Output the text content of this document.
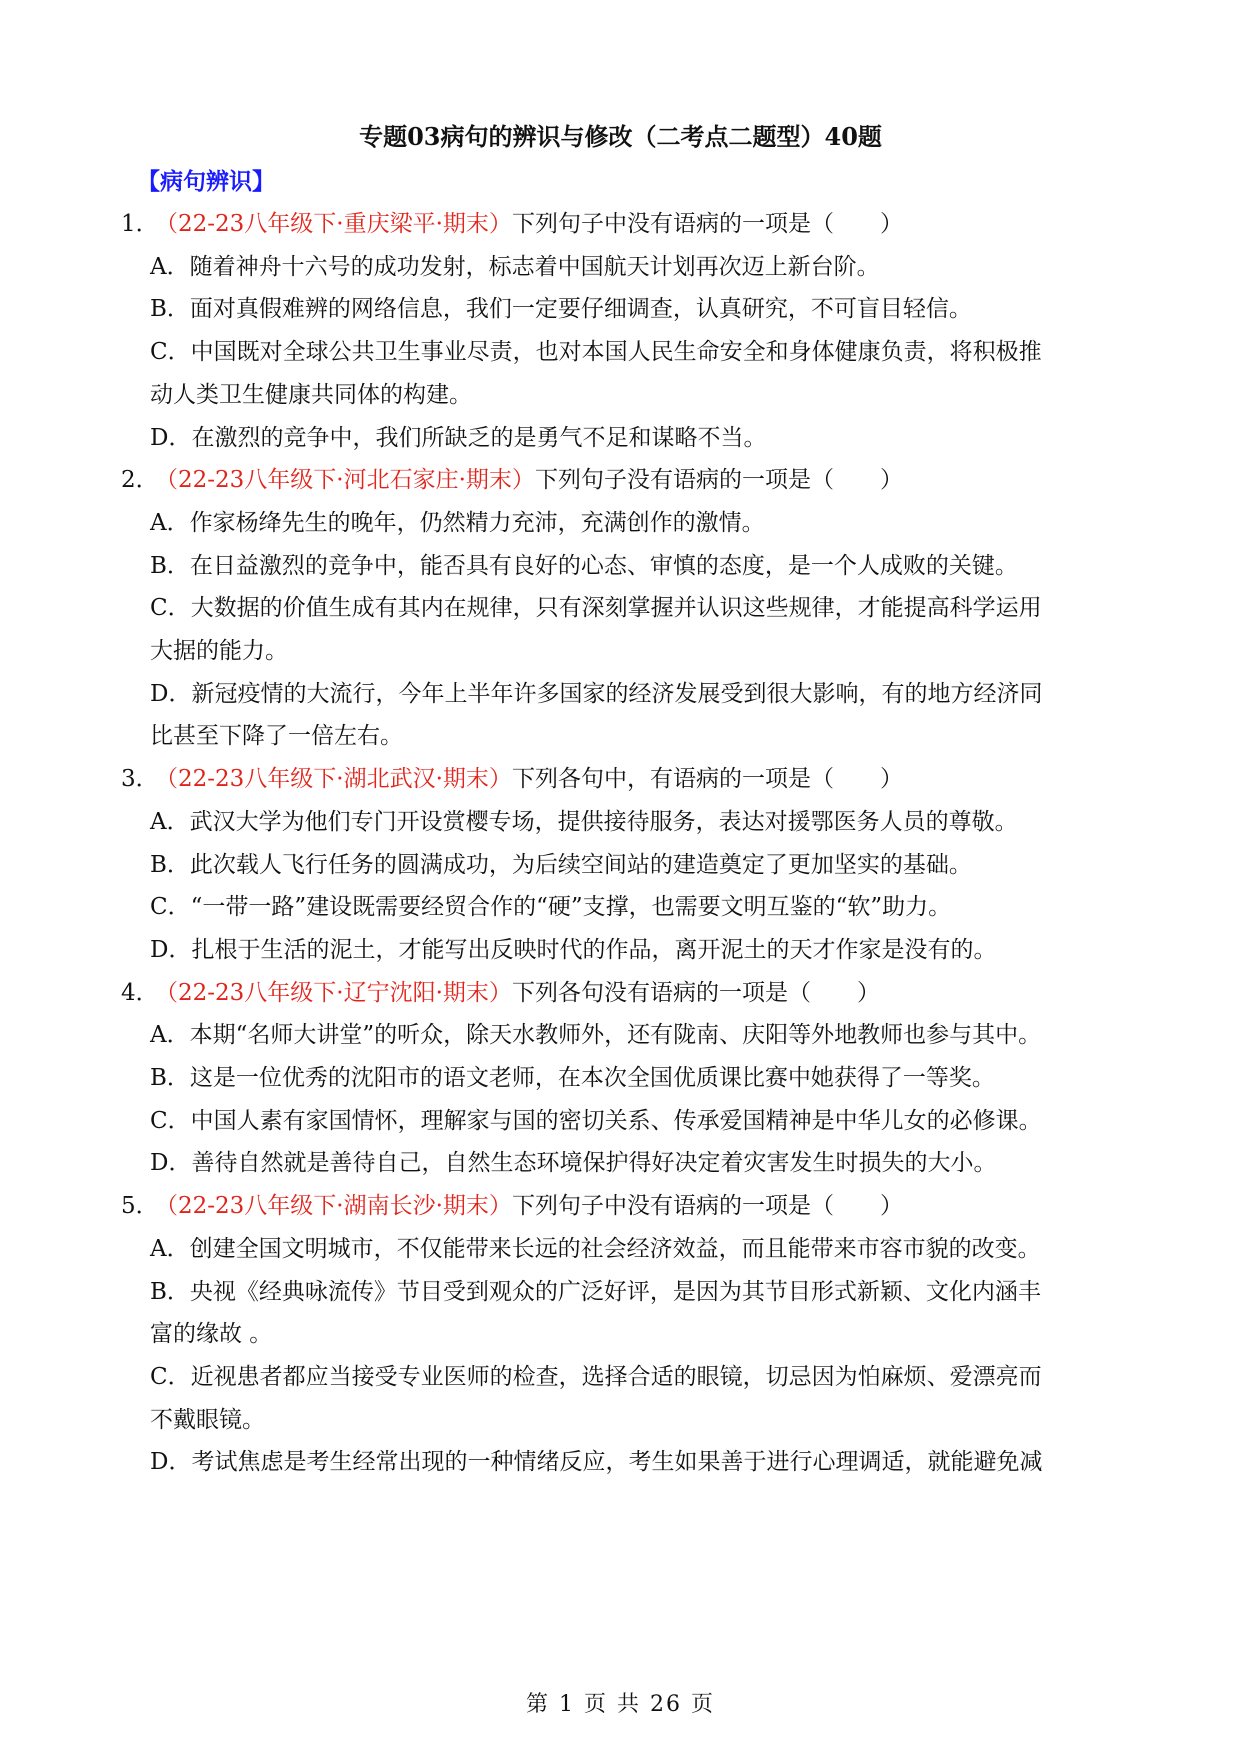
专题03病句的辨识与修改（二考点二题型）40题
【病句辨识】
1．（22-23八年级下·重庆梁平·期末）下列句子中没有语病的一项是（　　）
A．随着神舟十六号的成功发射，标志着中国航天计划再次迈上新台阶。
B．面对真假难辨的网络信息，我们一定要仔细调查，认真研究，不可盲目轻信。
C．中国既对全球公共卫生事业尽责，也对本国人民生命安全和身体健康负责，将积极推
动人类卫生健康共同体的构建。
D．在激烈的竞争中，我们所缺乏的是勇气不足和谋略不当。
2．（22-23八年级下·河北石家庄·期末）下列句子没有语病的一项是（　　）
A．作家杨绛先生的晚年，仍然精力充沛，充满创作的激情。
B．在日益激烈的竞争中，能否具有良好的心态、审慎的态度，是一个人成败的关键。
C．大数据的价值生成有其内在规律，只有深刻掌握并认识这些规律，才能提高科学运用
大据的能力。
D．新冠疫情的大流行，今年上半年许多国家的经济发展受到很大影响，有的地方经济同
比甚至下降了一倍左右。
3．（22-23八年级下·湖北武汉·期末）下列各句中，有语病的一项是（　　）
A．武汉大学为他们专门开设赏樱专场，提供接待服务，表达对援鄂医务人员的尊敬。
B．此次载人飞行任务的圆满成功，为后续空间站的建造奠定了更加坚实的基础。
C．“一带一路”建设既需要经贸合作的“硬”支撑，也需要文明互鉴的“软”助力。
D．扎根于生活的泥土，才能写出反映时代的作品，离开泥土的天才作家是没有的。
4．（22-23八年级下·辽宁沈阳·期末）下列各句没有语病的一项是（　　）
A．本期“名师大讲堂”的听众，除天水教师外，还有陇南、庆阳等外地教师也参与其中。
B．这是一位优秀的沈阳市的语文老师，在本次全国优质课比赛中她获得了一等奖。
C．中国人素有家国情怀，理解家与国的密切关系、传承爱国精神是中华儿女的必修课。
D．善待自然就是善待自己，自然生态环境保护得好决定着灾害发生时损失的大小。
5．（22-23八年级下·湖南长沙·期末）下列句子中没有语病的一项是（　　）
A．创建全国文明城市，不仅能带来长远的社会经济效益，而且能带来市容市貌的改变。
B．央视《经典咏流传》节目受到观众的广泛好评，是因为其节目形式新颖、文化内涵丰
富的缘故 。
C．近视患者都应当接受专业医师的检查，选择合适的眼镜，切忌因为怕麻烦、爱漂亮而
不戴眼镜。
D．考试焦虑是考生经常出现的一种情绪反应，考生如果善于进行心理调适，就能避免减
第 1 页 共 26 页
